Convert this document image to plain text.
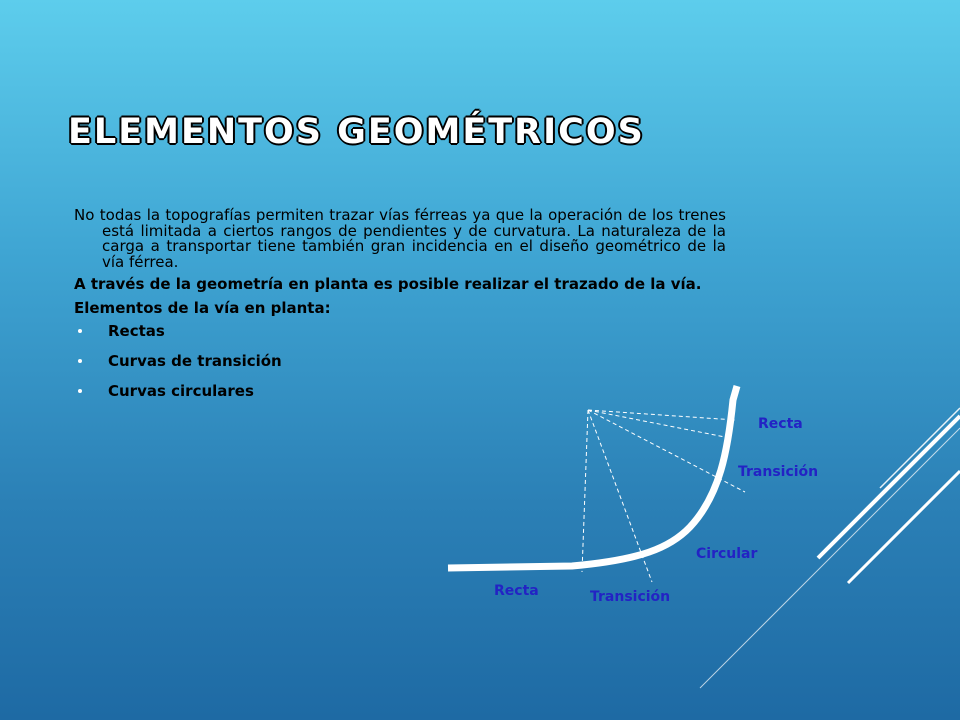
ELEMENTOS GEOMÉTRICOS

No todas la topografías permiten trazar vías férreas ya que la operación de los trenes está limitada a ciertos rangos de pendientes y de curvatura. La naturaleza de la carga a transportar tiene también gran incidencia en el diseño geométrico de la vía férrea.

A través de la geometría en planta es posible realizar el trazado de la vía.

Elementos de la vía en planta:

Rectas
Curvas de transición
Curvas circulares
Recta
Transición
Circular
Recta	Transición
